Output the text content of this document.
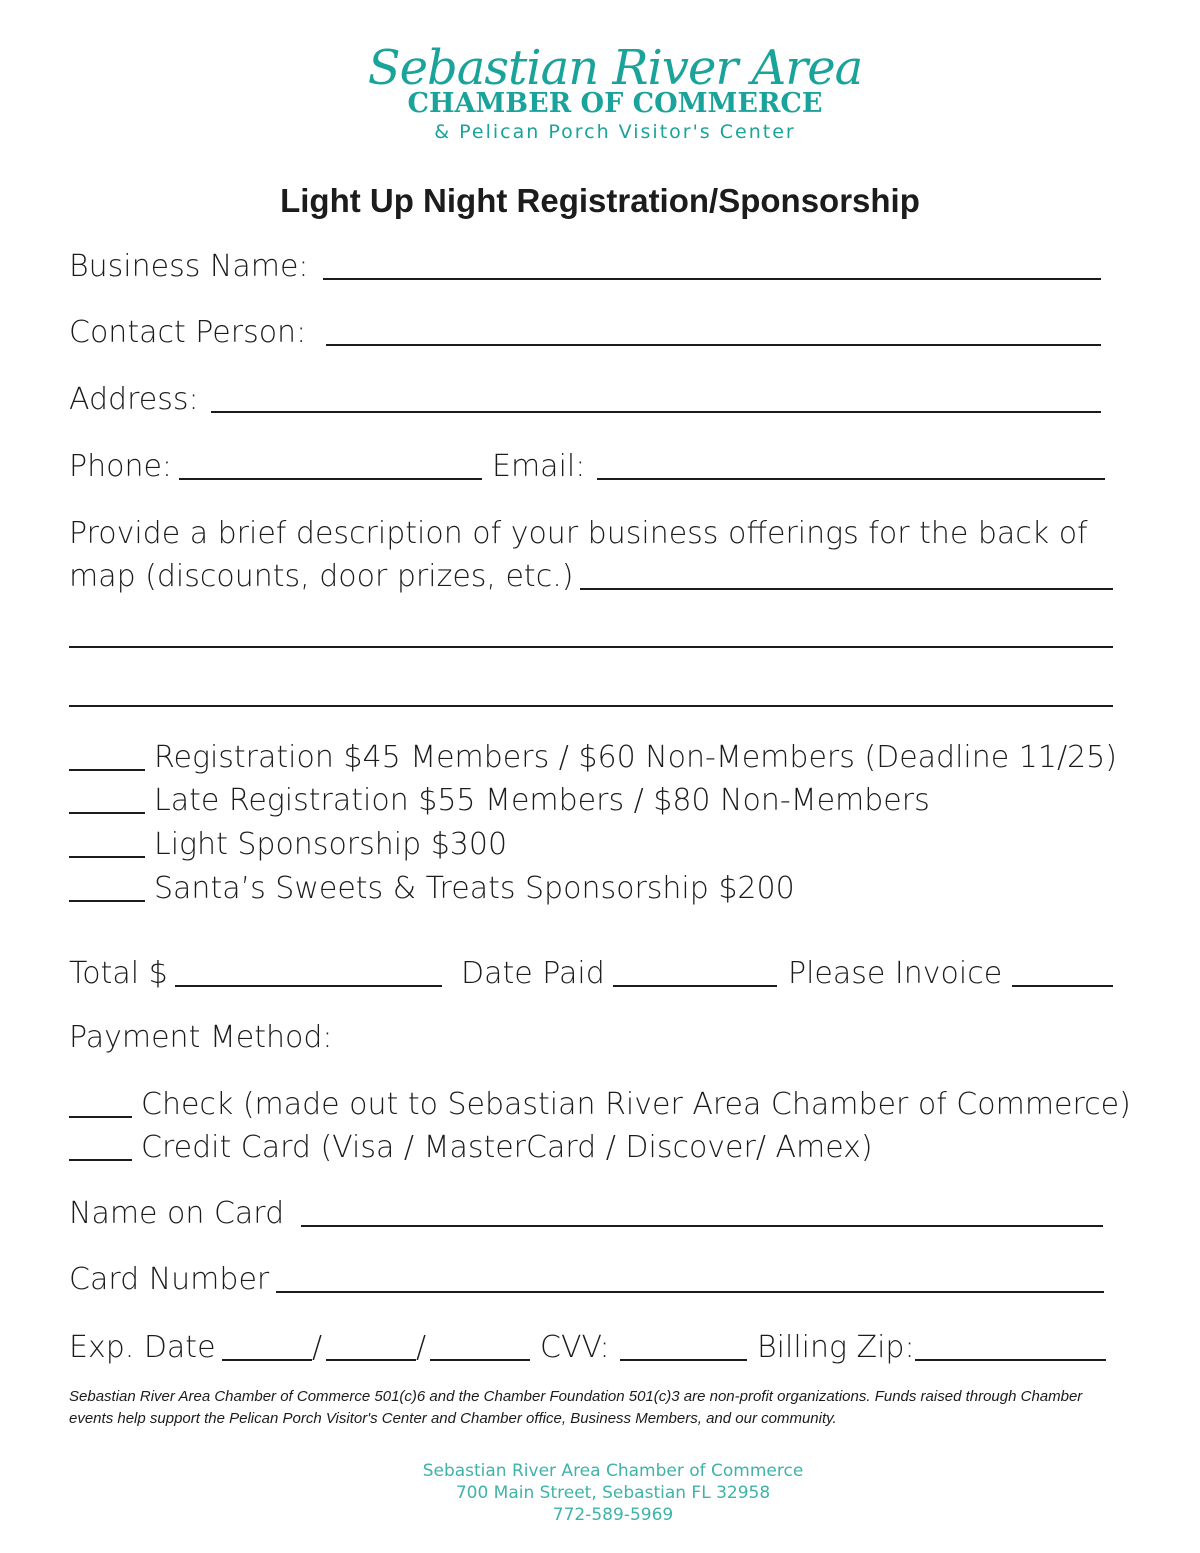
Sebastian River Area
CHAMBER OF COMMERCE
& Pelican Porch Visitor's Center
Light Up Night Registration/Sponsorship
Business Name:
Contact Person:
Address:
Phone:	Email:
Provide a brief description of your business offerings for the back of
map (discounts, door prizes, etc.)
Registration $45 Members / $60 Non-Members (Deadline 11/25)
Late Registration $55 Members / $80 Non-Members
Light Sponsorship $300
Santa’s Sweets & Treats Sponsorship $200
Total $	Date Paid	Please Invoice
Payment Method:
Check (made out to Sebastian River Area Chamber of Commerce)
Credit Card (Visa / MasterCard / Discover/ Amex)
Name on Card
Card Number
Exp. Date	/	/	CVV:	Billing Zip:
Sebastian River Area Chamber of Commerce 501(c)6 and the Chamber Foundation 501(c)3 are non-profit organizations. Funds raised through Chamber events help support the Pelican Porch Visitor's Center and Chamber office, Business Members, and our community.
Sebastian River Area Chamber of Commerce
700 Main Street, Sebastian FL 32958
772-589-5969
